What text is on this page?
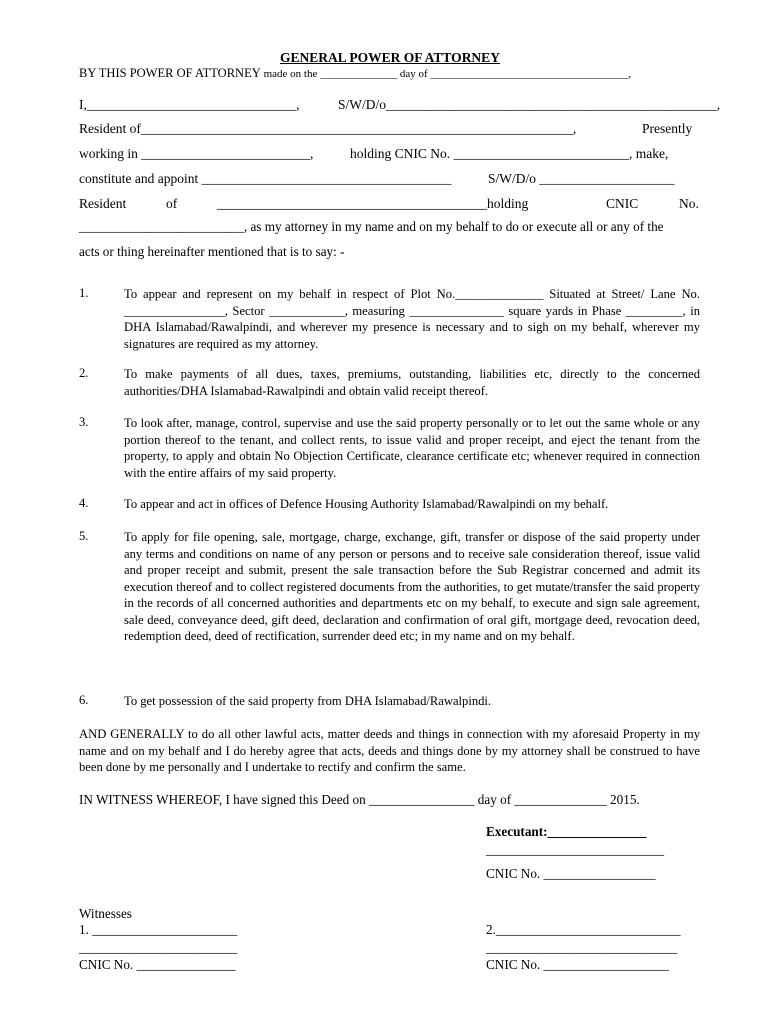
GENERAL POWER OF ATTORNEY
BY THIS POWER OF ATTORNEY made on the ______________ day of ____________________________________,
I,_______________________________,	S/W/D/o_________________________________________________,
Resident of________________________________________________________________,	Presently
working in _________________________,	holding CNIC No. __________________________, make,
constitute and appoint _____________________________________	S/W/D/o ____________________
Resident	of	________________________________________holding	CNIC	No.
_________________________, as my attorney in my name and on my behalf to do or execute all or any of the
acts or thing hereinafter mentioned that is to say: -
1.	To appear and represent on my behalf in respect of Plot No.______________ Situated at Street/ Lane No. ________________, Sector ____________, measuring _______________ square yards in Phase _________, in DHA Islamabad/Rawalpindi, and wherever my presence is necessary and to sigh on my behalf, wherever my signatures are required as my attorney.
2.	To make payments of all dues, taxes, premiums, outstanding, liabilities etc, directly to the concerned authorities/DHA Islamabad-Rawalpindi and obtain valid receipt thereof.
3.	To look after, manage, control, supervise and use the said property personally or to let out the same whole or any portion thereof to the tenant, and collect rents, to issue valid and proper receipt, and eject the tenant from the property, to apply and obtain No Objection Certificate, clearance certificate etc; whenever required in connection with the entire affairs of my said property.
4.	To appear and act in offices of Defence Housing Authority Islamabad/Rawalpindi on my behalf.
5.	To apply for file opening, sale, mortgage, charge, exchange, gift, transfer or dispose of the said property under any terms and conditions on name of any person or persons and to receive sale consideration thereof, issue valid and proper receipt and submit, present the sale transaction before the Sub Registrar concerned and admit its execution thereof and to collect registered documents from the authorities, to get mutate/transfer the said property in the records of all concerned authorities and departments etc on my behalf, to execute and sign sale agreement, sale deed, conveyance deed, gift deed, declaration and confirmation of oral gift, mortgage deed, revocation deed, redemption deed, deed of rectification, surrender deed etc; in my name and on my behalf.
6.	To get possession of the said property from DHA Islamabad/Rawalpindi.
AND GENERALLY to do all other lawful acts, matter deeds and things in connection with my aforesaid Property in my name and on my behalf and I do hereby agree that acts, deeds and things done by my attorney shall be construed to have been done by me personally and I undertake to rectify and confirm the same.
IN WITNESS WHEREOF, I have signed this Deed on ________________ day of ______________ 2015.
Executant:_______________
___________________________
CNIC No. _________________
Witnesses
1. ______________________
________________________
CNIC No. _______________
2.____________________________
_____________________________
CNIC No. ___________________
